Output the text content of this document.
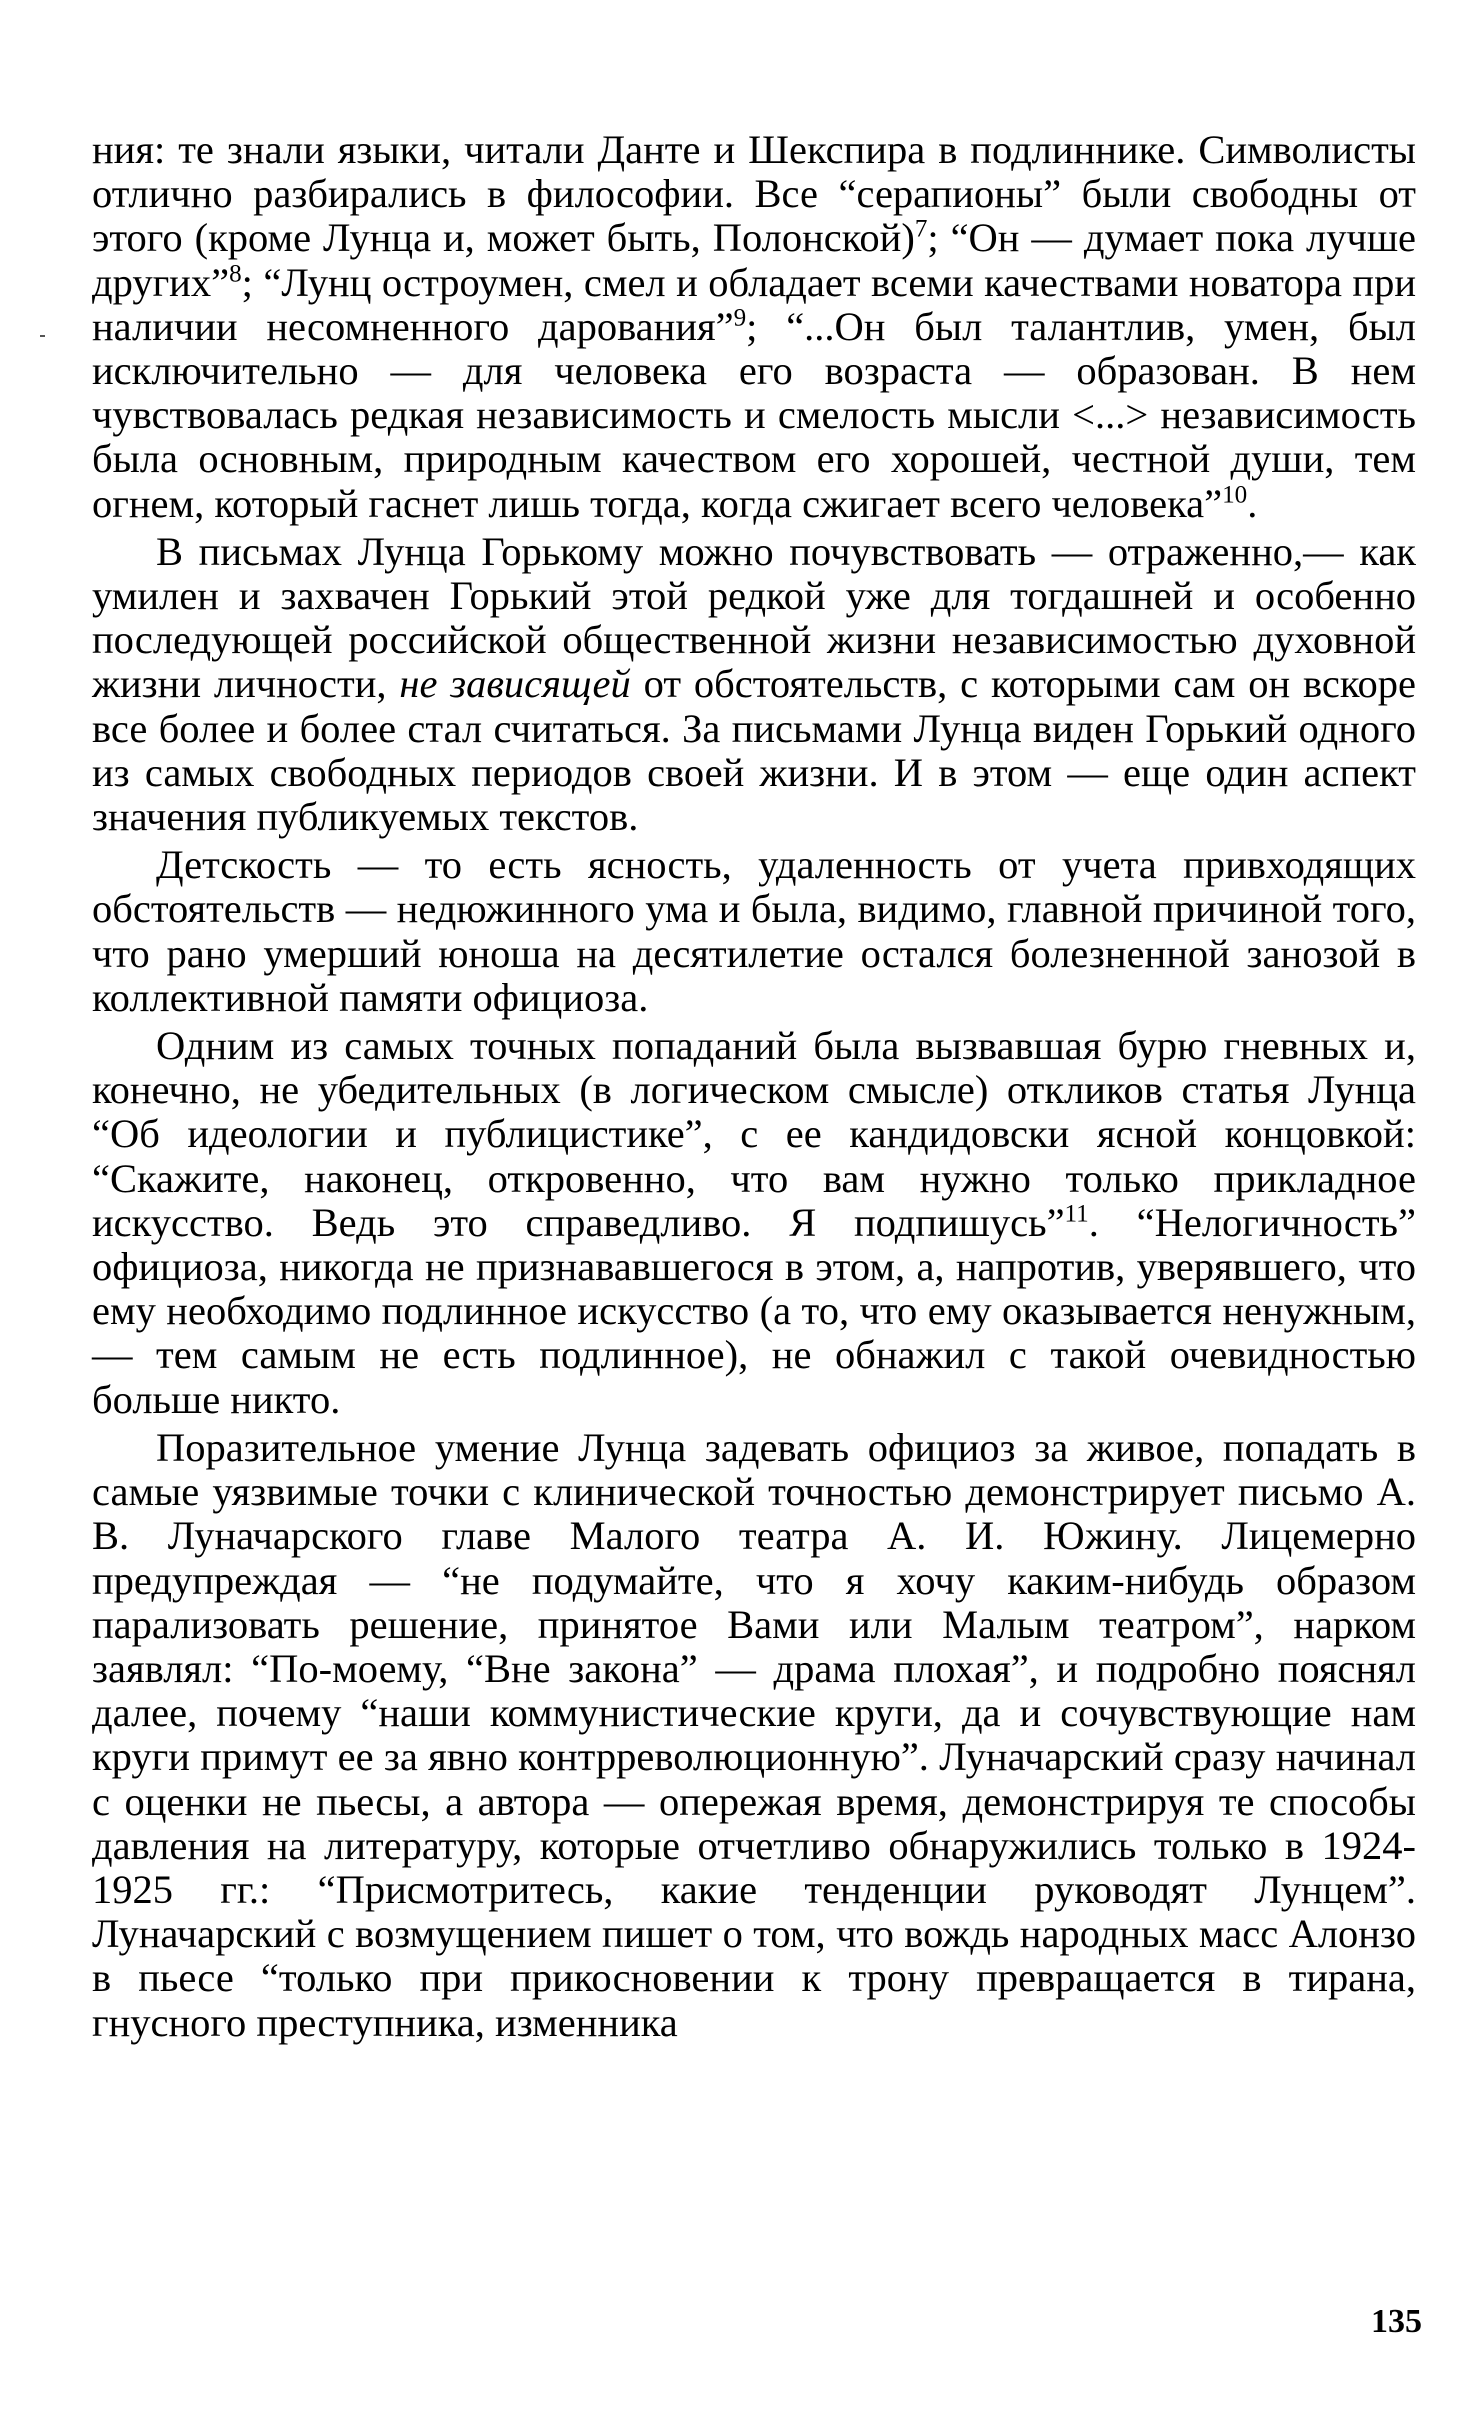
ния: те знали языки, читали Данте и Шекспира в подлиннике. Символисты отлично разбирались в философии. Все “серапионы” были свободны от этого (кроме Лунца и, может быть, Полонской)$^7$; “Он — думает пока лучше других”$^8$; “Лунц остроумен, смел и обладает всеми качествами новатора при наличии несомненного дарования”$^9$; “...Он был талантлив, умен, был исключительно — для человека его возраста — образован. В нем чувствовалась редкая независимость и смелость мысли <...> независимость была основным, природным качеством его хорошей, честной души, тем огнем, который гаснет лишь тогда, когда сжигает всего человека”$^{10}$.

В письмах Лунца Горькому можно почувствовать — отраженно,— как умилен и захвачен Горький этой редкой уже для тогдашней и особенно последующей российской общественной жизни независимостью духовной жизни личности, не зависящей от обстоятельств, с которыми сам он вскоре все более и более стал считаться. За письмами Лунца виден Горький одного из самых свободных периодов своей жизни. И в этом — еще один аспект значения публикуемых текстов.

Детскость — то есть ясность, удаленность от учета привходящих обстоятельств — недюжинного ума и была, видимо, главной причиной того, что рано умерший юноша на десятилетие остался болезненной занозой в коллективной памяти официоза.

Одним из самых точных попаданий была вызвавшая бурю гневных и, конечно, не убедительных (в логическом смысле) откликов статья Лунца “Об идеологии и публицистике”, с ее кандидовски ясной концовкой: “Скажите, наконец, откровенно, что вам нужно только прикладное искусство. Ведь это справедливо. Я подпишусь”$^{11}$. “Нелогичность” официоза, никогда не признававшегося в этом, а, напротив, уверявшего, что ему необходимо подлинное искусство (а то, что ему оказывается ненужным,— тем самым не есть подлинное), не обнажил с такой очевидностью больше никто.

Поразительное умение Лунца задевать официоз за живое, попадать в самые уязвимые точки с клинической точностью демонстрирует письмо А. В. Луначарского главе Малого театра А. И. Южину. Лицемерно предупреждая — “не подумайте, что я хочу каким-нибудь образом парализовать решение, принятое Вами или Малым театром”, нарком заявлял: “По-моему, “Вне закона” — драма плохая”, и подробно пояснял далее, почему “наши коммунистические круги, да и сочувствующие нам круги примут ее за явно контрреволюционную”. Луначарский сразу начинал с оценки не пьесы, а автора — опережая время, демонстрируя те способы давления на литературу, которые отчетливо обнаружились только в 1924-1925 гг.: “Присмотритесь, какие тенденции руководят Лунцем”. Луначарский с возмущением пишет о том, что вождь народных масс Алонзо в пьесе “только при прикосновении к трону превращается в тирана, гнусного преступника, изменника

135
